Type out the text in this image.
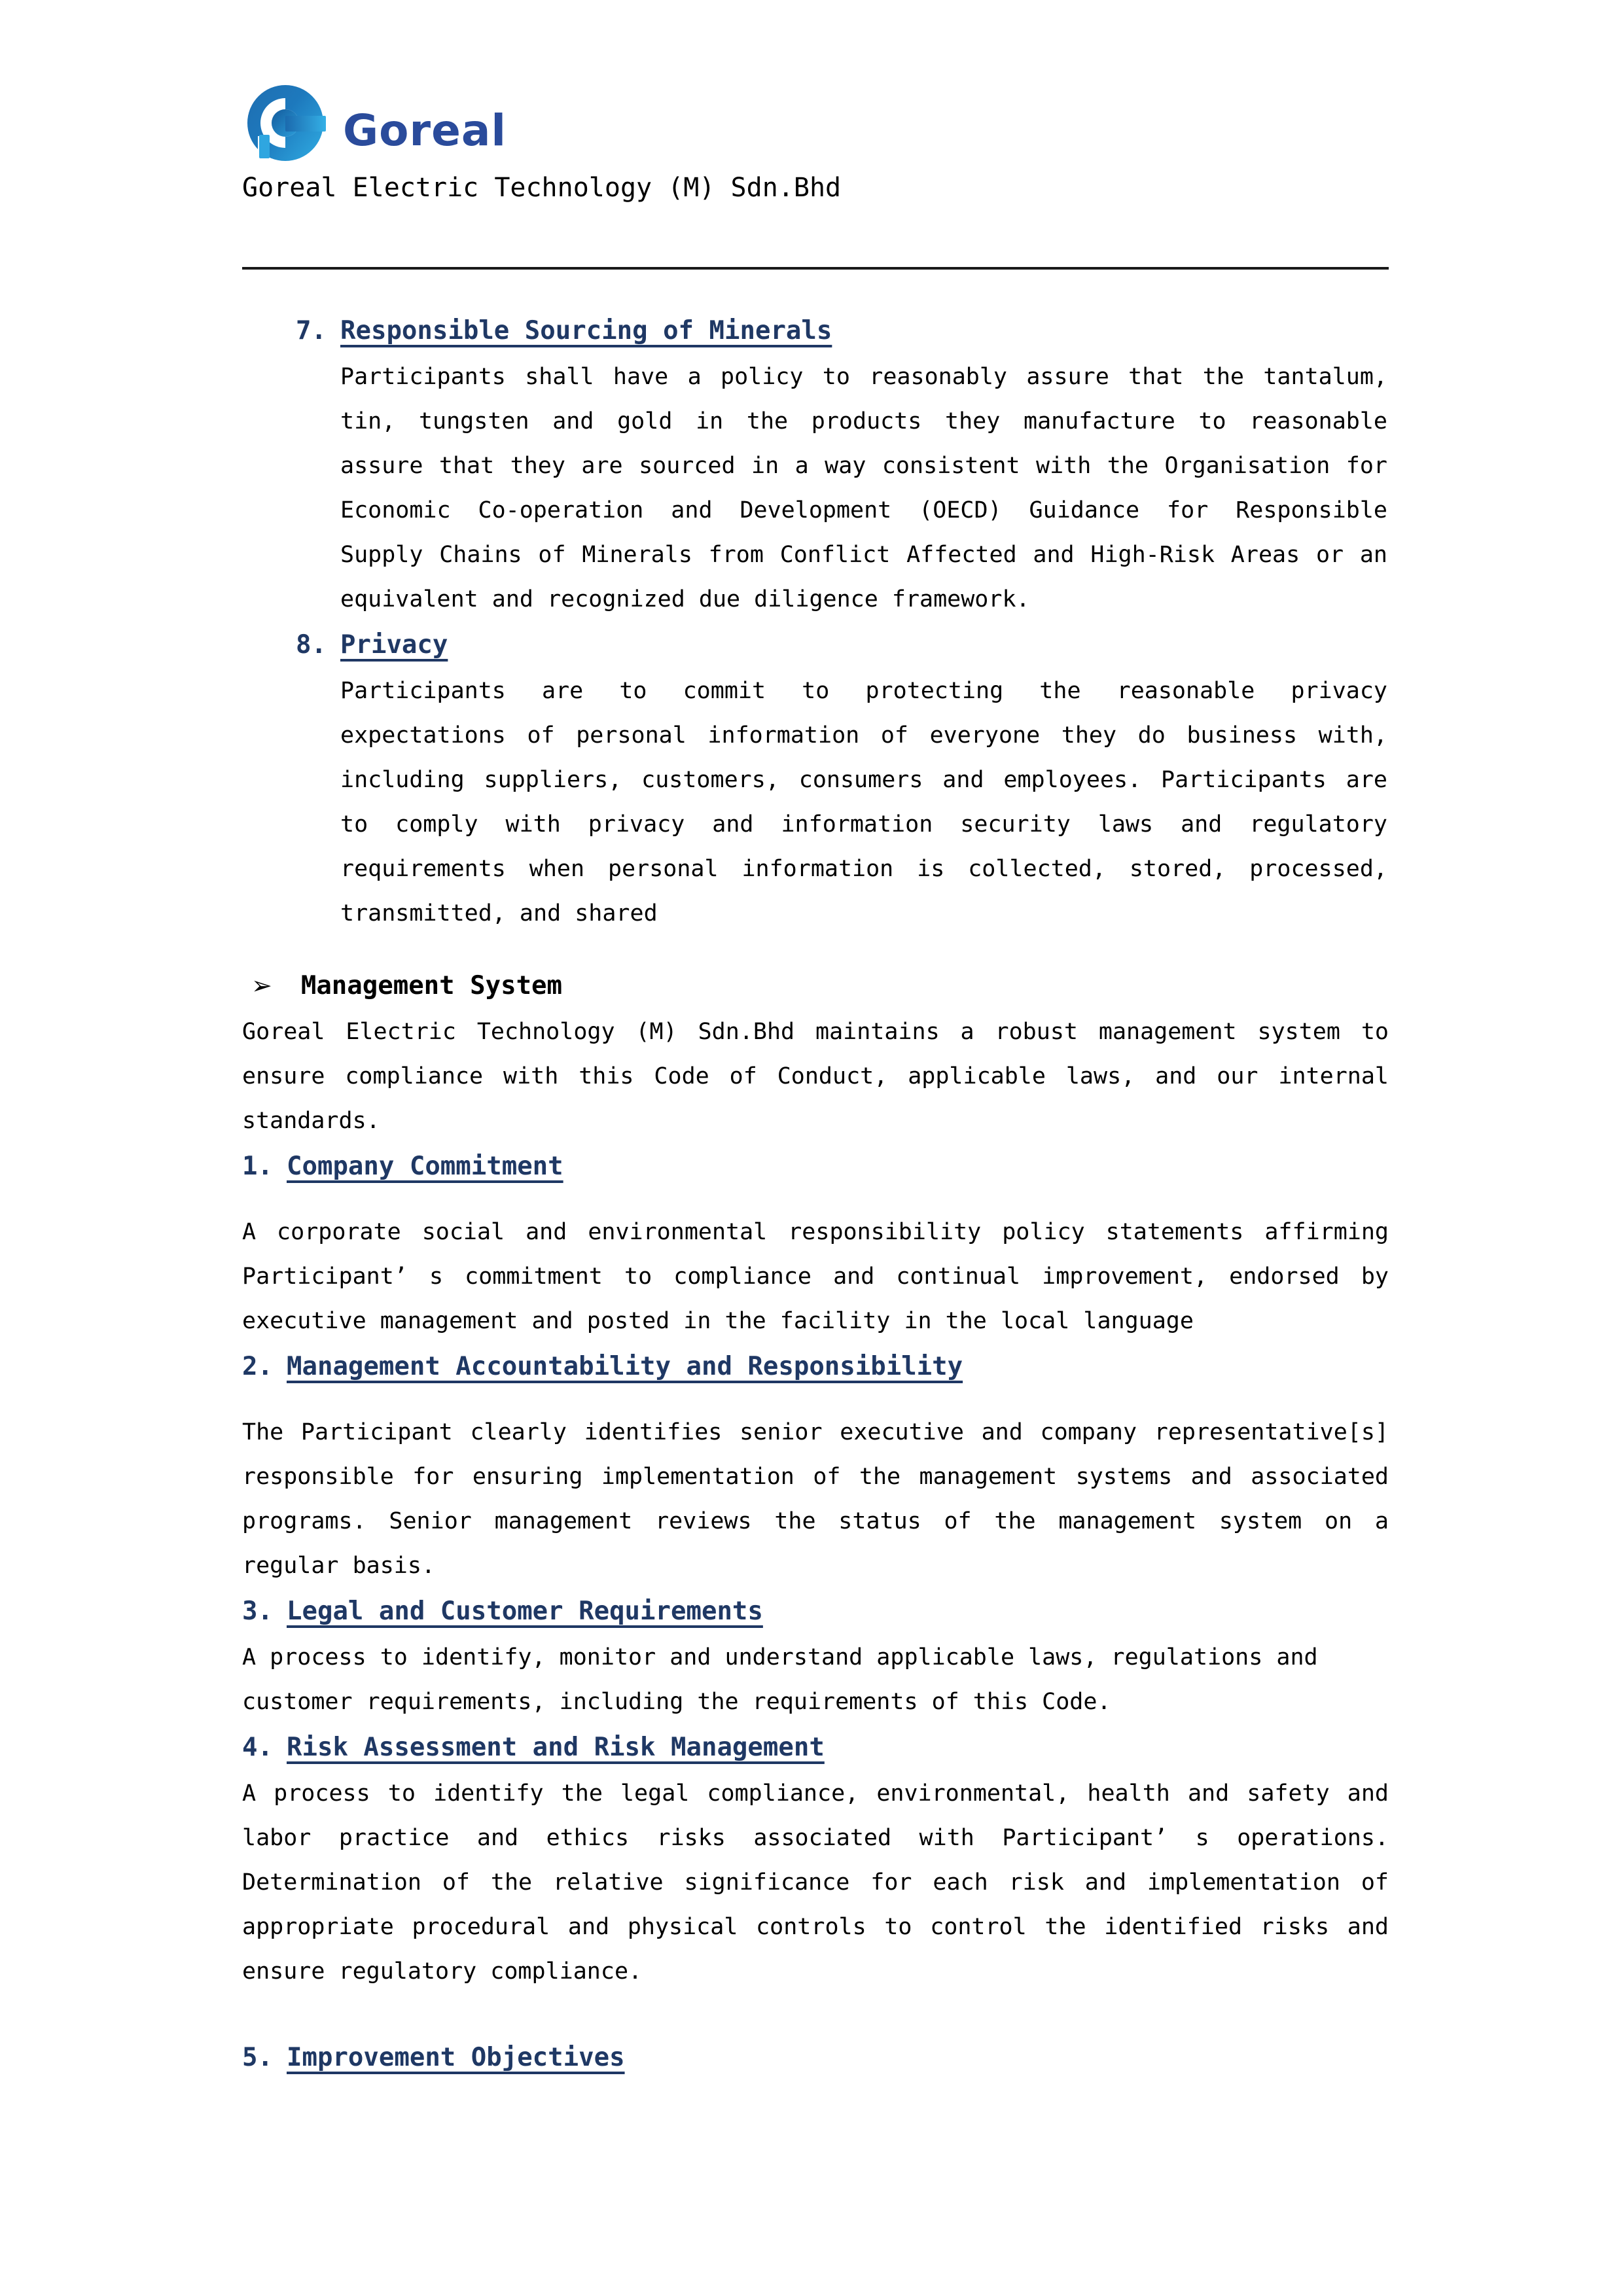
Goreal
Goreal Electric Technology (M) Sdn.Bhd
7. Responsible Sourcing of Minerals

Participants shall have a policy to reasonably assure that the tantalum, tin, tungsten and gold in the products they manufacture to reasonable assure that they are sourced in a way consistent with the Organisation for Economic Co-operation and Development (OECD) Guidance for Responsible Supply Chains of Minerals from Conflict Affected and High-Risk Areas or an equivalent and recognized due diligence framework.

8. Privacy

Participants are to commit to protecting the reasonable privacy expectations of personal information of everyone they do business with, including suppliers, customers, consumers and employees. Participants are to comply with privacy and information security laws and regulatory requirements when personal information is collected, stored, processed, transmitted, and shared

➢ Management System

Goreal Electric Technology (M) Sdn.Bhd maintains a robust management system to ensure compliance with this Code of Conduct, applicable laws, and our internal standards.

1. Company Commitment

A corporate social and environmental responsibility policy statements affirming Participant’ s commitment to compliance and continual improvement, endorsed by executive management and posted in the facility in the local language

2. Management Accountability and Responsibility

The Participant clearly identifies senior executive and company representative[s] responsible for ensuring implementation of the management systems and associated programs. Senior management reviews the status of the management system on a regular basis.

3. Legal and Customer Requirements

A process to identify, monitor and understand applicable laws, regulations and customer requirements, including the requirements of this Code.

4. Risk Assessment and Risk Management

A process to identify the legal compliance, environmental, health and safety and labor practice and ethics risks associated with Participant’ s operations. Determination of the relative significance for each risk and implementation of appropriate procedural and physical controls to control the identified risks and ensure regulatory compliance.

5. Improvement Objectives
